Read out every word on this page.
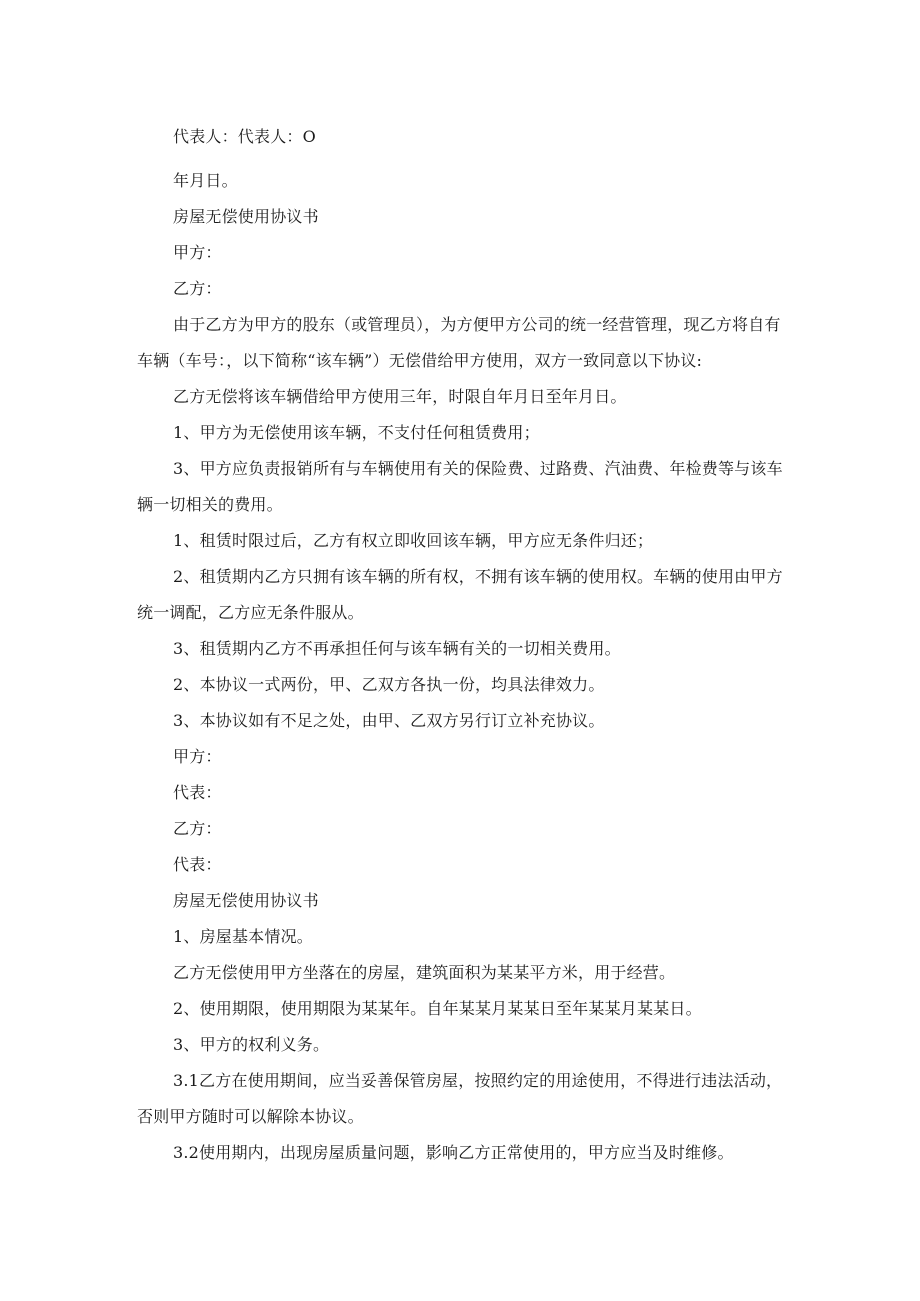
代表人：代表人：O

年月日。

房屋无偿使用协议书

甲方：

乙方：

由于乙方为甲方的股东（或管理员），为方便甲方公司的统一经营管理，现乙方将自有车辆（车号：，以下简称“该车辆”）无偿借给甲方使用，双方一致同意以下协议:

乙方无偿将该车辆借给甲方使用三年，时限自年月日至年月日。

1、甲方为无偿使用该车辆，不支付任何租赁费用；

3、甲方应负责报销所有与车辆使用有关的保险费、过路费、汽油费、年检费等与该车辆一切相关的费用。

1、租赁时限过后，乙方有权立即收回该车辆，甲方应无条件归还；

2、租赁期内乙方只拥有该车辆的所有权，不拥有该车辆的使用权。车辆的使用由甲方统一调配，乙方应无条件服从。

3、租赁期内乙方不再承担任何与该车辆有关的一切相关费用。

2、本协议一式两份，甲、乙双方各执一份，均具法律效力。

3、本协议如有不足之处，由甲、乙双方另行订立补充协议。

甲方：

代表：

乙方：

代表：

房屋无偿使用协议书

1、房屋基本情况。

乙方无偿使用甲方坐落在的房屋，建筑面积为某某平方米，用于经营。

2、使用期限，使用期限为某某年。自年某某月某某日至年某某月某某日。

3、甲方的权利义务。

3.1乙方在使用期间，应当妥善保管房屋，按照约定的用途使用，不得进行违法活动，否则甲方随时可以解除本协议。

3.2使用期内，出现房屋质量问题，影响乙方正常使用的，甲方应当及时维修。
